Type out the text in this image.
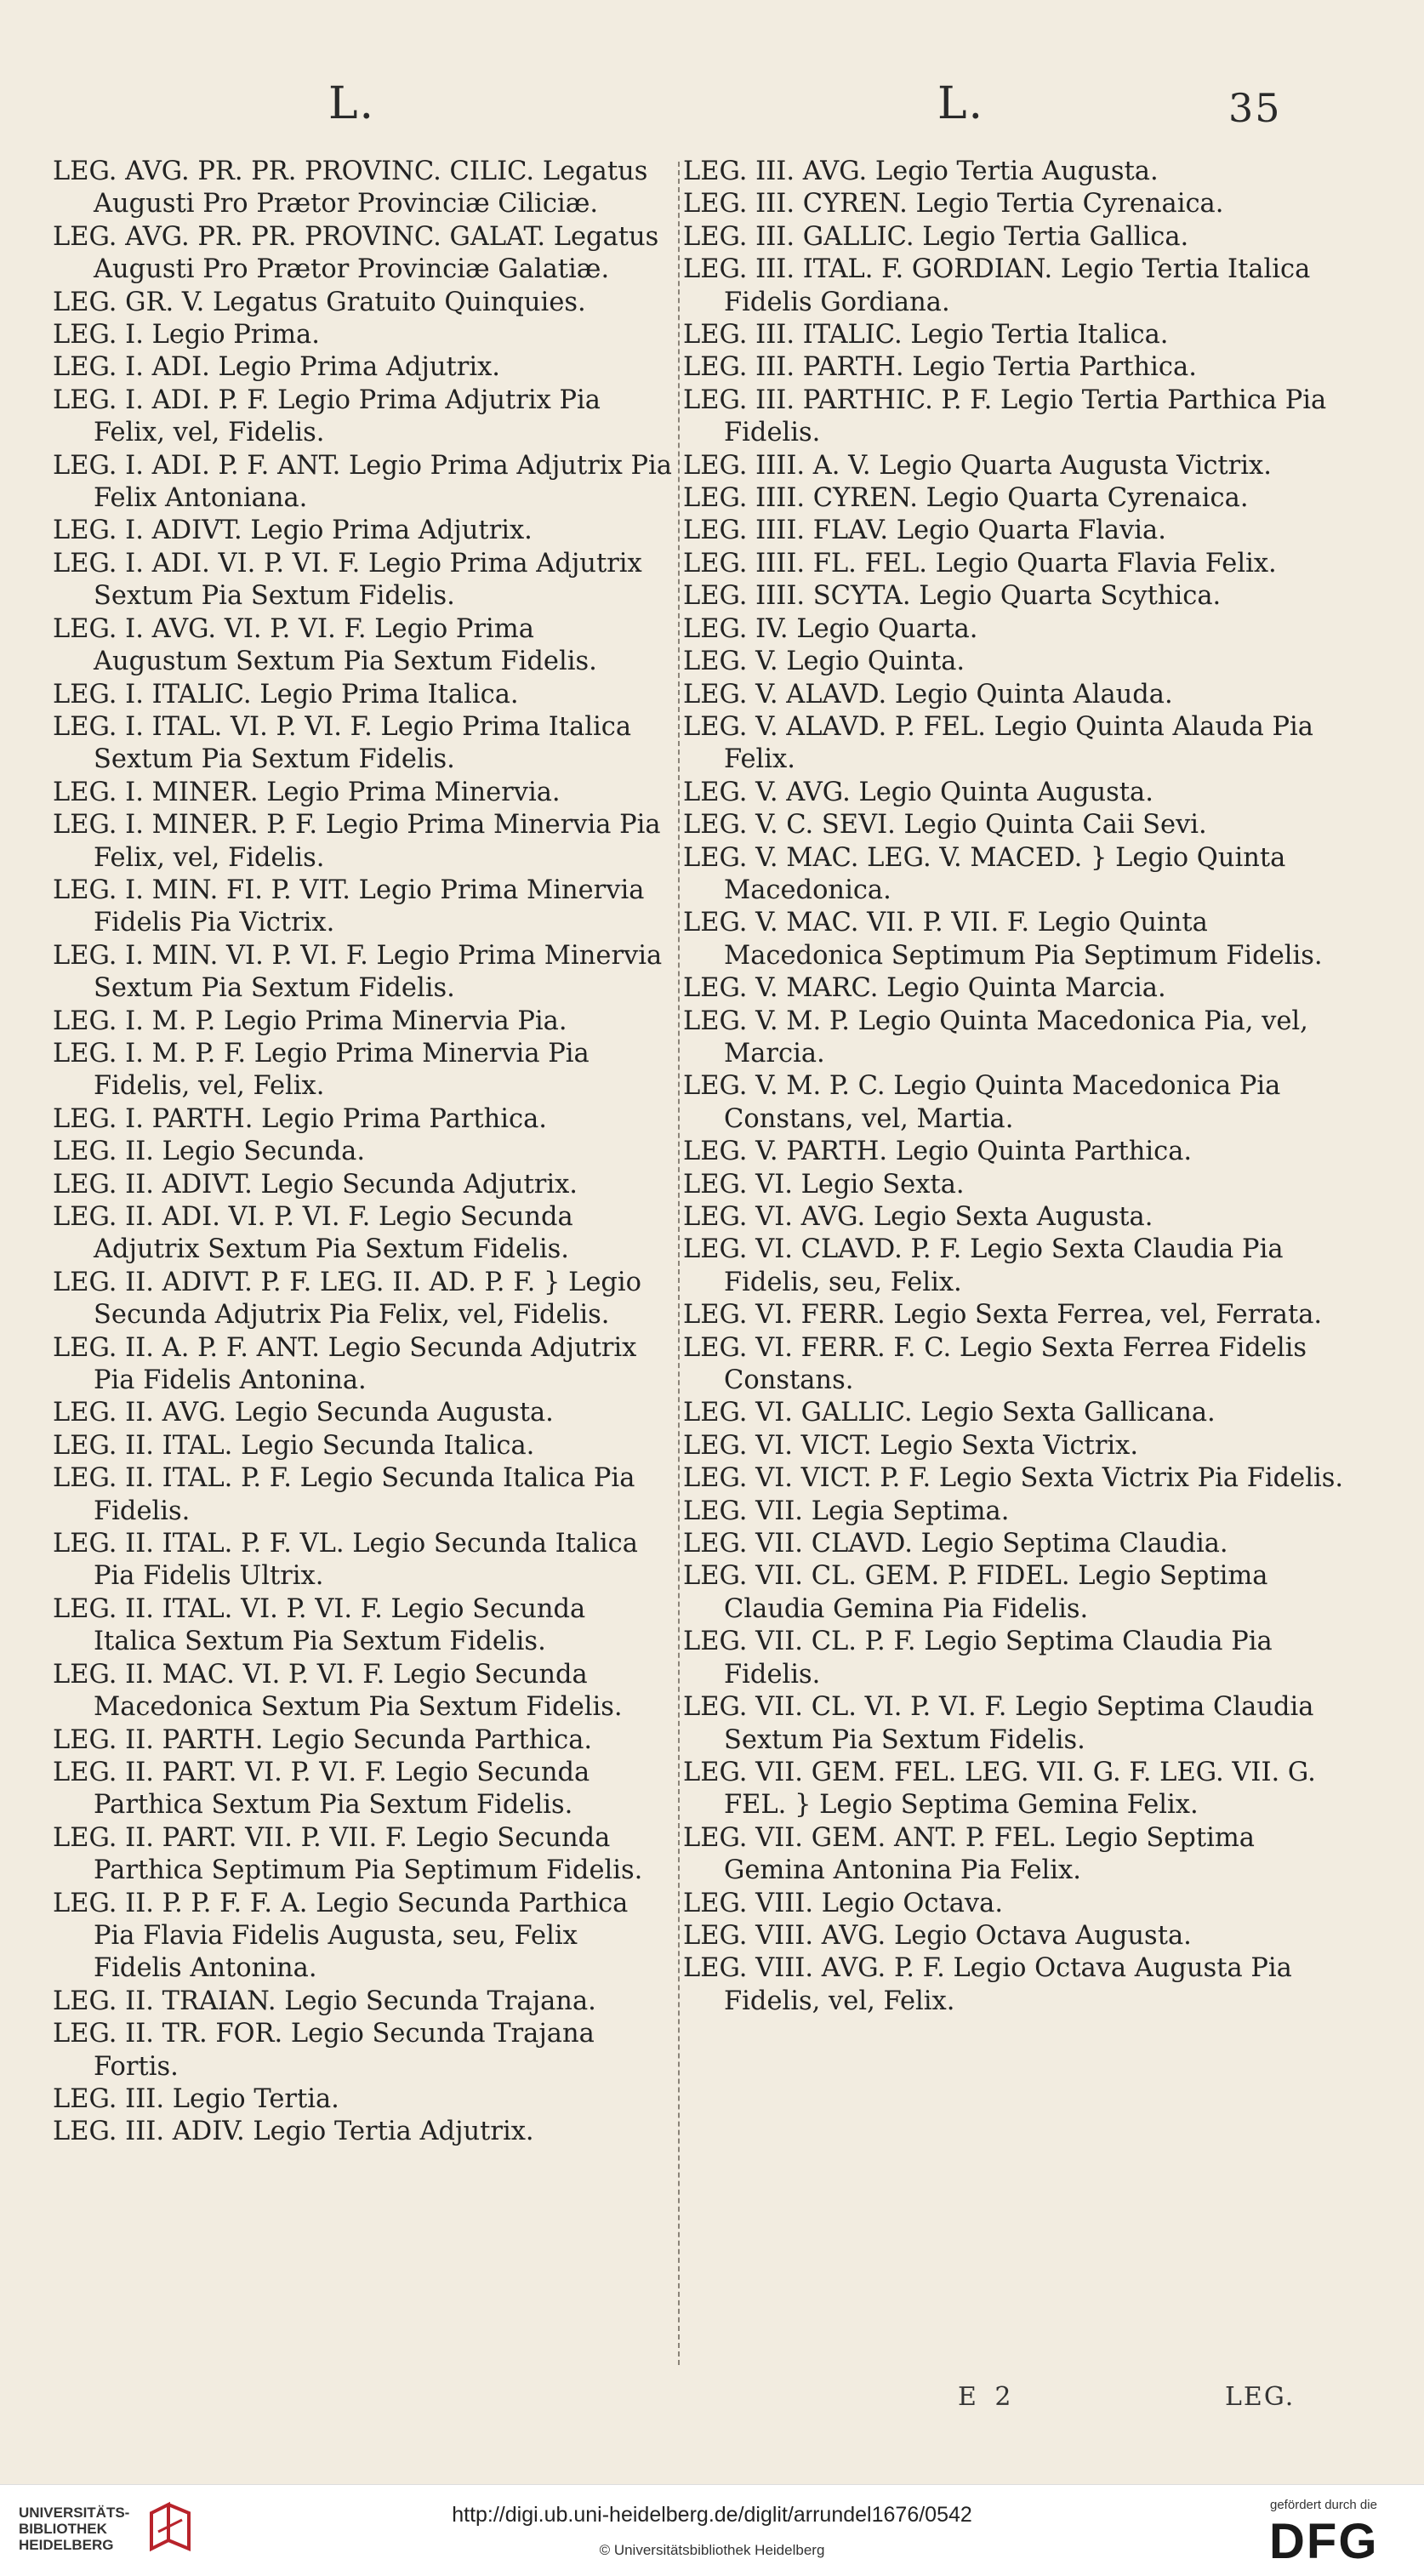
L.	L.	35

LEG. AVG. PR. PR. PROVINC. CILIC. Legatus Augusti Pro Prætor Provinciæ Ciliciæ.

LEG. AVG. PR. PR. PROVINC. GALAT. Legatus Augusti Pro Prætor Provinciæ Galatiæ.

LEG. GR. V. Legatus Gratuito Quinquies.

LEG. I. Legio Prima.

LEG. I. ADI. Legio Prima Adjutrix.

LEG. I. ADI. P. F. Legio Prima Adjutrix Pia Felix, vel, Fidelis.

LEG. I. ADI. P. F. ANT. Legio Prima Adjutrix Pia Felix Antoniana.

LEG. I. ADIVT. Legio Prima Adjutrix.

LEG. I. ADI. VI. P. VI. F. Legio Prima Adjutrix Sextum Pia Sextum Fidelis.

LEG. I. AVG. VI. P. VI. F. Legio Prima Augustum Sextum Pia Sextum Fidelis.

LEG. I. ITALIC. Legio Prima Italica.

LEG. I. ITAL. VI. P. VI. F. Legio Prima Italica Sextum Pia Sextum Fidelis.

LEG. I. MINER. Legio Prima Minervia.

LEG. I. MINER. P. F. Legio Prima Minervia Pia Felix, vel, Fidelis.

LEG. I. MIN. FI. P. VIT. Legio Prima Minervia Fidelis Pia Victrix.

LEG. I. MIN. VI. P. VI. F. Legio Prima Minervia Sextum Pia Sextum Fidelis.

LEG. I. M. P. Legio Prima Minervia Pia.

LEG. I. M. P. F. Legio Prima Minervia Pia Fidelis, vel, Felix.

LEG. I. PARTH. Legio Prima Parthica.

LEG. II. Legio Secunda.

LEG. II. ADIVT. Legio Secunda Adjutrix.

LEG. II. ADI. VI. P. VI. F. Legio Secunda Adjutrix Sextum Pia Sextum Fidelis.

LEG. II. ADIVT. P. F. LEG. II. AD. P. F. } Legio Secunda Adjutrix Pia Felix, vel, Fidelis.

LEG. II. A. P. F. ANT. Legio Secunda Adjutrix Pia Fidelis Antonina.

LEG. II. AVG. Legio Secunda Augusta.

LEG. II. ITAL. Legio Secunda Italica.

LEG. II. ITAL. P. F. Legio Secunda Italica Pia Fidelis.

LEG. II. ITAL. P. F. VL. Legio Secunda Italica Pia Fidelis Ultrix.

LEG. II. ITAL. VI. P. VI. F. Legio Secunda Italica Sextum Pia Sextum Fidelis.

LEG. II. MAC. VI. P. VI. F. Legio Secunda Macedonica Sextum Pia Sextum Fidelis.

LEG. II. PARTH. Legio Secunda Parthica.

LEG. II. PART. VI. P. VI. F. Legio Secunda Parthica Sextum Pia Sextum Fidelis.

LEG. II. PART. VII. P. VII. F. Legio Secunda Parthica Septimum Pia Septimum Fidelis.

LEG. II. P. P. F. F. A. Legio Secunda Parthica Pia Flavia Fidelis Augusta, seu, Felix Fidelis Antonina.

LEG. II. TRAIAN. Legio Secunda Trajana.

LEG. II. TR. FOR. Legio Secunda Trajana Fortis.

LEG. III. Legio Tertia.

LEG. III. ADIV. Legio Tertia Adjutrix.

LEG. III. AVG. Legio Tertia Augusta.

LEG. III. CYREN. Legio Tertia Cyrenaica.

LEG. III. GALLIC. Legio Tertia Gallica.

LEG. III. ITAL. F. GORDIAN. Legio Tertia Italica Fidelis Gordiana.

LEG. III. ITALIC. Legio Tertia Italica.

LEG. III. PARTH. Legio Tertia Parthica.

LEG. III. PARTHIC. P. F. Legio Tertia Parthica Pia Fidelis.

LEG. IIII. A. V. Legio Quarta Augusta Victrix.

LEG. IIII. CYREN. Legio Quarta Cyrenaica.

LEG. IIII. FLAV. Legio Quarta Flavia.

LEG. IIII. FL. FEL. Legio Quarta Flavia Felix.

LEG. IIII. SCYTA. Legio Quarta Scythica.

LEG. IV. Legio Quarta.

LEG. V. Legio Quinta.

LEG. V. ALAVD. Legio Quinta Alauda.

LEG. V. ALAVD. P. FEL. Legio Quinta Alauda Pia Felix.

LEG. V. AVG. Legio Quinta Augusta.

LEG. V. C. SEVI. Legio Quinta Caii Sevi.

LEG. V. MAC. LEG. V. MACED. } Legio Quinta Macedonica.

LEG. V. MAC. VII. P. VII. F. Legio Quinta Macedonica Septimum Pia Septimum Fidelis.

LEG. V. MARC. Legio Quinta Marcia.

LEG. V. M. P. Legio Quinta Macedonica Pia, vel, Marcia.

LEG. V. M. P. C. Legio Quinta Macedonica Pia Constans, vel, Martia.

LEG. V. PARTH. Legio Quinta Parthica.

LEG. VI. Legio Sexta.

LEG. VI. AVG. Legio Sexta Augusta.

LEG. VI. CLAVD. P. F. Legio Sexta Claudia Pia Fidelis, seu, Felix.

LEG. VI. FERR. Legio Sexta Ferrea, vel, Ferrata.

LEG. VI. FERR. F. C. Legio Sexta Ferrea Fidelis Constans.

LEG. VI. GALLIC. Legio Sexta Gallicana.

LEG. VI. VICT. Legio Sexta Victrix.

LEG. VI. VICT. P. F. Legio Sexta Victrix Pia Fidelis.

LEG. VII. Legia Septima.

LEG. VII. CLAVD. Legio Septima Claudia.

LEG. VII. CL. GEM. P. FIDEL. Legio Septima Claudia Gemina Pia Fidelis.

LEG. VII. CL. P. F. Legio Septima Claudia Pia Fidelis.

LEG. VII. CL. VI. P. VI. F. Legio Septima Claudia Sextum Pia Sextum Fidelis.

LEG. VII. GEM. FEL. LEG. VII. G. F. LEG. VII. G. FEL. } Legio Septima Gemina Felix.

LEG. VII. GEM. ANT. P. FEL. Legio Septima Gemina Antonina Pia Felix.

LEG. VIII. Legio Octava.

LEG. VIII. AVG. Legio Octava Augusta.

LEG. VIII. AVG. P. F. Legio Octava Augusta Pia Fidelis, vel, Felix.

E 2	LEG.
UNIVERSITÄTS-
BIBLIOTHEK
HEIDELBERG
http://digi.ub.uni-heidelberg.de/diglit/arrundel1676/0542
© Universitätsbibliothek Heidelberg
gefördert durch die
DFG
